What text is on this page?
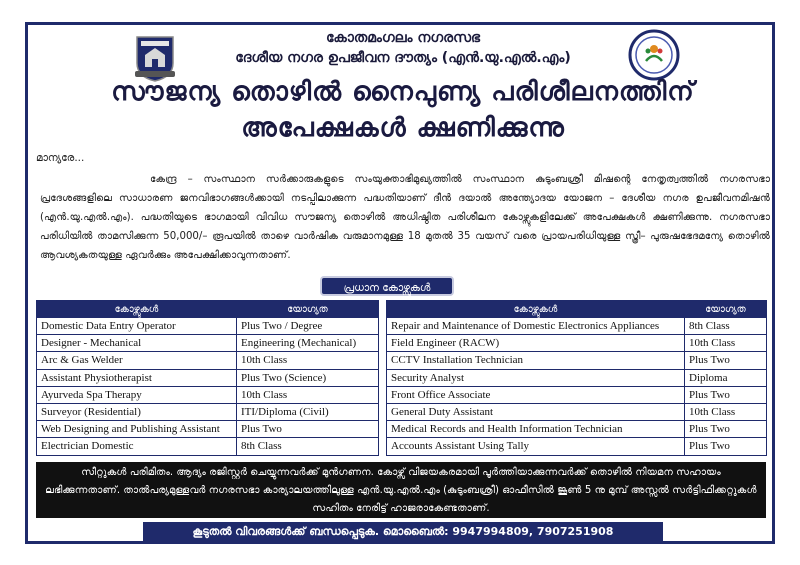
കോതമംഗലം നഗരസഭ
ദേശീയ നഗര ഉപജീവന ദൗത്യം (എൻ.യു.എൽ.എം)
സൗജന്യ തൊഴിൽ നൈപുണ്യ പരിശീലനത്തിന്
അപേക്ഷകൾ ക്ഷണിക്കുന്നു
മാന്യരേ...
കേന്ദ്ര – സംസ്ഥാന സർക്കാരുകളുടെ സംയുക്താഭിമുഖ്യത്തിൽ സംസ്ഥാന കുടുംബശ്രീ മിഷന്റെ നേതൃത്വത്തിൽ നഗരസഭാ പ്രദേശങ്ങളിലെ സാധാരണ ജനവിഭാഗങ്ങൾക്കായി നടപ്പിലാക്കുന്ന പദ്ധതിയാണ് ദീൻ ദയാൽ അന്ത്യോദയ യോജന – ദേശീയ നഗര ഉപജീവനമിഷൻ (എൻ.യു.എൽ.എം). പദ്ധതിയുടെ ഭാഗമായി വിവിധ സൗജന്യ തൊഴിൽ അധിഷ്ഠിത പരിശീലന കോഴ്സുകളിലേക്ക് അപേക്ഷകൾ ക്ഷണിക്കുന്നു. നഗരസഭാ പരിധിയിൽ താമസിക്കുന്ന 50,000/– രൂപയിൽ താഴെ വാർഷിക വരുമാനമുള്ള 18 മുതൽ 35 വയസ് വരെ പ്രായപരിധിയുള്ള സ്ത്രീ– പുരുഷഭേദമന്യേ തൊഴിൽ ആവശ്യകതയുള്ള ഏവർക്കും അപേക്ഷിക്കാവുന്നതാണ്.
പ്രധാന കോഴ്സുകൾ
കോഴ്സുകൾ	യോഗ്യത
Domestic Data Entry Operator	Plus Two / Degree
Designer - Mechanical	Engineering (Mechanical)
Arc & Gas Welder	10th Class
Assistant Physiotherapist	Plus Two (Science)
Ayurveda Spa Therapy	10th Class
Surveyor (Residential)	ITI/Diploma (Civil)
Web Designing and Publishing Assistant	Plus Two
Electrician Domestic	8th Class
കോഴ്സുകൾ	യോഗ്യത
Repair and Maintenance of Domestic Electronics Appliances	8th Class
Field Engineer (RACW)	10th Class
CCTV Installation Technician	Plus Two
Security Analyst	Diploma
Front Office Associate	Plus Two
General Duty Assistant	10th Class
Medical Records and Health Information Technician	Plus Two
Accounts Assistant Using Tally	Plus Two
സീറ്റുകൾ പരിമിതം. ആദ്യം രജിസ്റ്റർ ചെയ്യുന്നവർക്ക് മുൻഗണന. കോഴ്സ് വിജയകരമായി പൂർത്തിയാക്കുന്നവർക്ക് തൊഴിൽ നിയമന സഹായം ലഭിക്കുന്നതാണ്. താൽപര്യമുള്ളവർ നഗരസഭാ കാര്യാലയത്തിലുള്ള എൻ.യു.എൽ.എം (കുടുംബശ്രീ) ഓഫീസിൽ ജൂൺ 5 നു മുമ്പ് അസ്സൽ സർട്ടിഫിക്കറ്റുകൾ സഹിതം നേരിട്ട് ഹാജരാകേണ്ടതാണ്.
കൂടുതൽ വിവരങ്ങൾക്ക് ബന്ധപ്പെടുക. മൊബൈൽ: 9947994809, 7907251908
